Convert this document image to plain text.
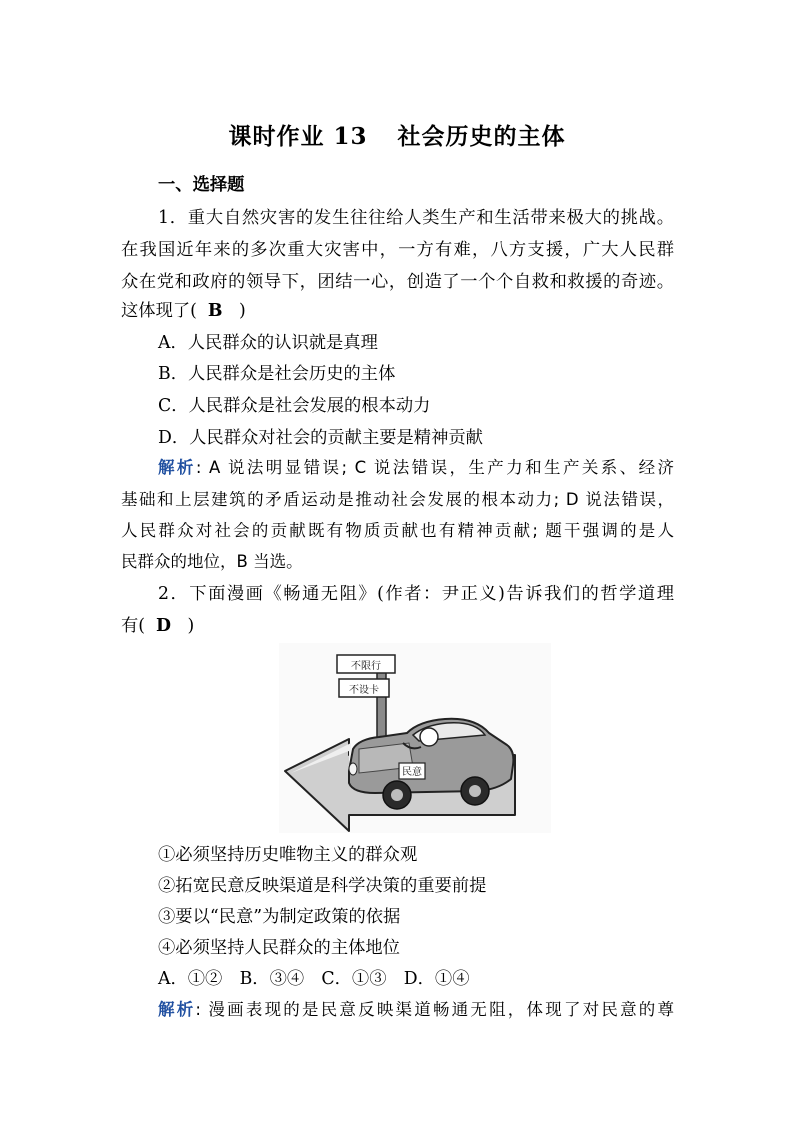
课时作业 13 社会历史的主体
一、选择题
1．重大自然灾害的发生往往给人类生产和生活带来极大的挑战。
在我国近年来的多次重大灾害中，一方有难，八方支援，广大人民群
众在党和政府的领导下，团结一心，创造了一个个自救和救援的奇迹。
这体现了( B )
A．人民群众的认识就是真理
B．人民群众是社会历史的主体
C．人民群众是社会发展的根本动力
D．人民群众对社会的贡献主要是精神贡献
解析: A 说法明显错误; C 说法错误，生产力和生产关系、经济
基础和上层建筑的矛盾运动是推动社会发展的根本动力; D 说法错误，
人民群众对社会的贡献既有物质贡献也有精神贡献; 题干强调的是人
民群众的地位，B 当选。
2．下面漫画《畅通无阻》(作者：尹正义)告诉我们的哲学道理
有( D )
不限行
不设卡
民意
①必须坚持历史唯物主义的群众观
②拓宽民意反映渠道是科学决策的重要前提
③要以“民意”为制定政策的依据
④必须坚持人民群众的主体地位
A．①②　B．③④　C．①③　D．①④
解析: 漫画表现的是民意反映渠道畅通无阻，体现了对民意的尊
